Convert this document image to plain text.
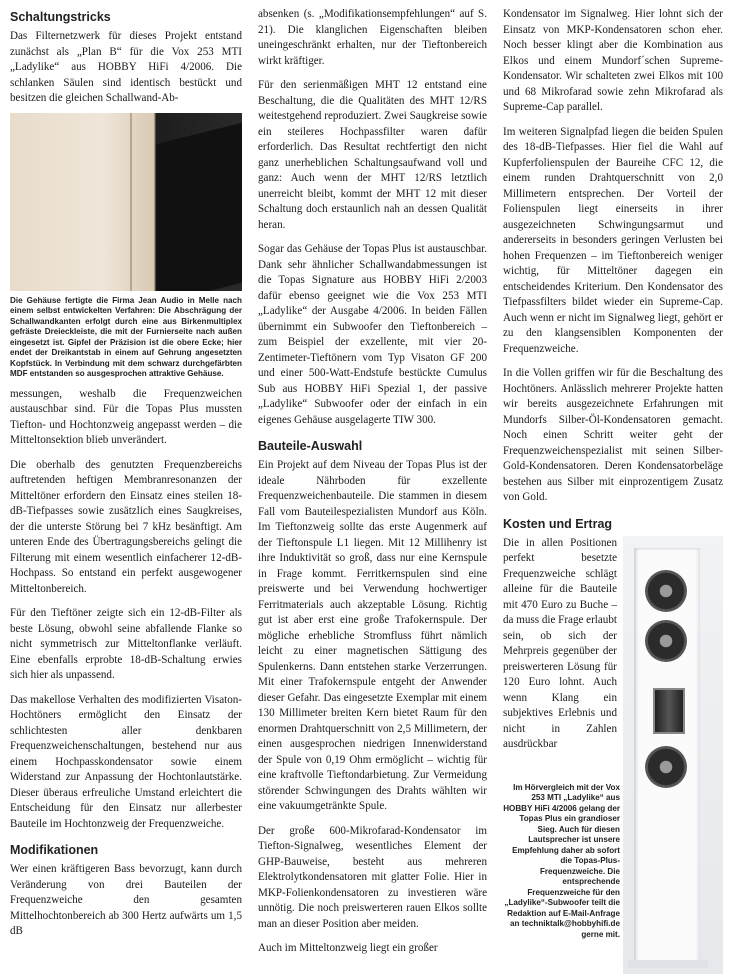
Schaltungstricks

Das Filternetzwerk für dieses Projekt entstand zunächst als „Plan B“ für die Vox 253 MTI „Ladylike“ aus HOBBY HiFi 4/2006. Die schlanken Säulen sind identisch bestückt und besitzen die gleichen Schallwand-Ab-

Die Gehäuse fertigte die Firma Jean Audio in Melle nach einem selbst entwickelten Verfahren: Die Abschrägung der Schallwandkanten erfolgt durch eine aus Birkenmultiplex gefräste Dreieckleiste, die mit der Furnierseite nach außen eingesetzt ist. Gipfel der Präzision ist die obere Ecke; hier endet der Dreikantstab in einem auf Gehrung angesetzten Kopfstück. In Verbindung mit dem schwarz durchgefärbten MDF entstanden so ausgesprochen attraktive Gehäuse.

messungen, weshalb die Frequenzweichen austauschbar sind. Für die Topas Plus mussten Tiefton- und Hochtonzweig angepasst werden – die Mitteltonsektion blieb unverändert.

Die oberhalb des genutzten Frequenzbereichs auftretenden heftigen Membranresonanzen der Mitteltöner erfordern den Einsatz eines steilen 18-dB-Tiefpasses sowie zusätzlich eines Saugkreises, der die unterste Störung bei 7 kHz besänftigt. Am unteren Ende des Übertragungsbereichs gelingt die Filterung mit einem wesentlich einfacherer 12-dB-Hochpass. So entstand ein perfekt ausgewogener Mitteltonbereich.

Für den Tieftöner zeigte sich ein 12-dB-Filter als beste Lösung, obwohl seine abfallende Flanke so nicht symmetrisch zur Mitteltonflanke verläuft. Eine ebenfalls erprobte 18-dB-Schaltung erwies sich hier als unpassend.

Das makellose Verhalten des modifizierten Visaton-Hochtöners ermöglicht den Einsatz der schlichtesten aller denkbaren Frequenzweichenschaltungen, bestehend nur aus einem Hochpasskondensator sowie einem Widerstand zur Anpassung der Hochtonlautstärke. Dieser überaus erfreuliche Umstand erleichtert die Entscheidung für den Einsatz nur allerbester Bauteile im Hochtonzweig der Frequenzweiche.

Modifikationen

Wer einen kräftigeren Bass bevorzugt, kann durch Veränderung von drei Bauteilen der Frequenzweiche den gesamten Mittelhochtonbereich ab 300 Hertz aufwärts um 1,5 dB

absenken (s. „Modifikationsempfehlungen“ auf S. 21). Die klanglichen Eigenschaften bleiben uneingeschränkt erhalten, nur der Tieftonbereich wirkt kräftiger.

Für den serienmäßigen MHT 12 entstand eine Beschaltung, die die Qualitäten des MHT 12/RS weitestgehend reproduziert. Zwei Saugkreise sowie ein steileres Hochpassfilter waren dafür erforderlich. Das Resultat rechtfertigt den nicht ganz unerheblichen Schaltungsaufwand voll und ganz: Auch wenn der MHT 12/RS letztlich unerreicht bleibt, kommt der MHT 12 mit dieser Schaltung doch erstaunlich nah an dessen Qualität heran.

Sogar das Gehäuse der Topas Plus ist austauschbar. Dank sehr ähnlicher Schallwandabmessungen ist die Topas Signature aus HOBBY HiFi 2/2003 dafür ebenso geeignet wie die Vox 253 MTI „Ladylike“ der Ausgabe 4/2006. In beiden Fällen übernimmt ein Subwoofer den Tieftonbereich – zum Beispiel der exzellente, mit vier 20-Zentimeter-Tieftönern vom Typ Visaton GF 200 und einer 500-Watt-Endstufe bestückte Cumulus Sub aus HOBBY HiFi Spezial 1, der passive „Ladylike“ Subwoofer oder der einfach in ein eigenes Gehäuse ausgelagerte TIW 300.

Bauteile-Auswahl

Ein Projekt auf dem Niveau der Topas Plus ist der ideale Nährboden für exzellente Frequenzweichenbauteile. Die stammen in diesem Fall vom Bauteilespezialisten Mundorf aus Köln. Im Tieftonzweig sollte das erste Augenmerk auf der Tieftonspule L1 liegen. Mit 12 Millihenry ist ihre Induktivität so groß, dass nur eine Kernspule in Frage kommt. Ferritkernspulen sind eine preiswerte und bei Verwendung hochwertiger Ferritmaterials auch akzeptable Lösung. Richtig gut ist aber erst eine große Trafokernspule. Der mögliche erhebliche Stromfluss führt nämlich leicht zu einer magnetischen Sättigung des Spulenkerns. Dann entstehen starke Verzerrungen. Mit einer Trafokernspule entgeht der Anwender dieser Gefahr. Das eingesetzte Exemplar mit einem 130 Millimeter breiten Kern bietet Raum für den enormen Drahtquerschnitt von 2,5 Millimetern, der einen ausgesprochen niedrigen Innenwiderstand der Spule von 0,19 Ohm ermöglicht – wichtig für eine kraftvolle Tieftondarbietung. Zur Vermeidung störender Schwingungen des Drahts wählten wir eine vakuumgetränkte Spule.

Der große 600-Mikrofarad-Kondensator im Tiefton-Signalweg, wesentliches Element der GHP-Bauweise, besteht aus mehreren Elektrolytkondensatoren mit glatter Folie. Hier in MKP-Folienkondensatoren zu investieren wäre unnötig. Die noch preiswerteren rauen Elkos sollte man an dieser Position aber meiden.

Auch im Mitteltonzweig liegt ein großer

Kondensator im Signalweg. Hier lohnt sich der Einsatz von MKP-Kondensatoren schon eher. Noch besser klingt aber die Kombination aus Elkos und einem Mundorf´schen Supreme-Kondensator. Wir schalteten zwei Elkos mit 100 und 68 Mikrofarad sowie zehn Mikrofarad als Supreme-Cap parallel.

Im weiteren Signalpfad liegen die beiden Spulen des 18-dB-Tiefpasses. Hier fiel die Wahl auf Kupferfolienspulen der Baureihe CFC 12, die einem runden Drahtquerschnitt von 2,0 Millimetern entsprechen. Der Vorteil der Folienspulen liegt einerseits in ihrer ausgezeichneten Schwingungsarmut und andererseits in besonders geringen Verlusten bei hohen Frequenzen – im Tieftonbereich weniger wichtig, für Mitteltöner dagegen ein entscheidendes Kriterium. Den Kondensator des Tiefpassfilters bildet wieder ein Supreme-Cap. Auch wenn er nicht im Signalweg liegt, gehört er zu den klangsensiblen Komponenten der Frequenzweiche.

In die Vollen griffen wir für die Beschaltung des Hochtöners. Anlässlich mehrerer Projekte hatten wir bereits ausgezeichnete Erfahrungen mit Mundorfs Silber-Öl-Kondensatoren gemacht. Noch einen Schritt weiter geht der Frequenzweichenspezialist mit seinen Silber-Gold-Kondensatoren. Deren Kondensatorbeläge bestehen aus Silber mit einprozentigem Zusatz von Gold.

Kosten und Ertrag

Die in allen Positionen perfekt besetzte Frequenzweiche schlägt alleine für die Bauteile mit 470 Euro zu Buche – da muss die Frage erlaubt sein, ob sich der Mehrpreis gegenüber der preiswerteren Lösung für 120 Euro lohnt. Auch wenn Klang ein subjektives Erlebnis und nicht in Zahlen ausdrückbar

Im Hörvergleich mit der Vox 253 MTI „Ladylike“ aus HOBBY HiFi 4/2006 gelang der Topas Plus ein grandioser Sieg. Auch für diesen Lautsprecher ist unsere Empfehlung daher ab sofort die Topas-Plus-Frequenzweiche. Die entsprechende Frequenzweiche für den „Ladylike“-Subwoofer teilt die Redaktion auf E-Mail-Anfrage an techniktalk@hobbyhifi.de gerne mit.
